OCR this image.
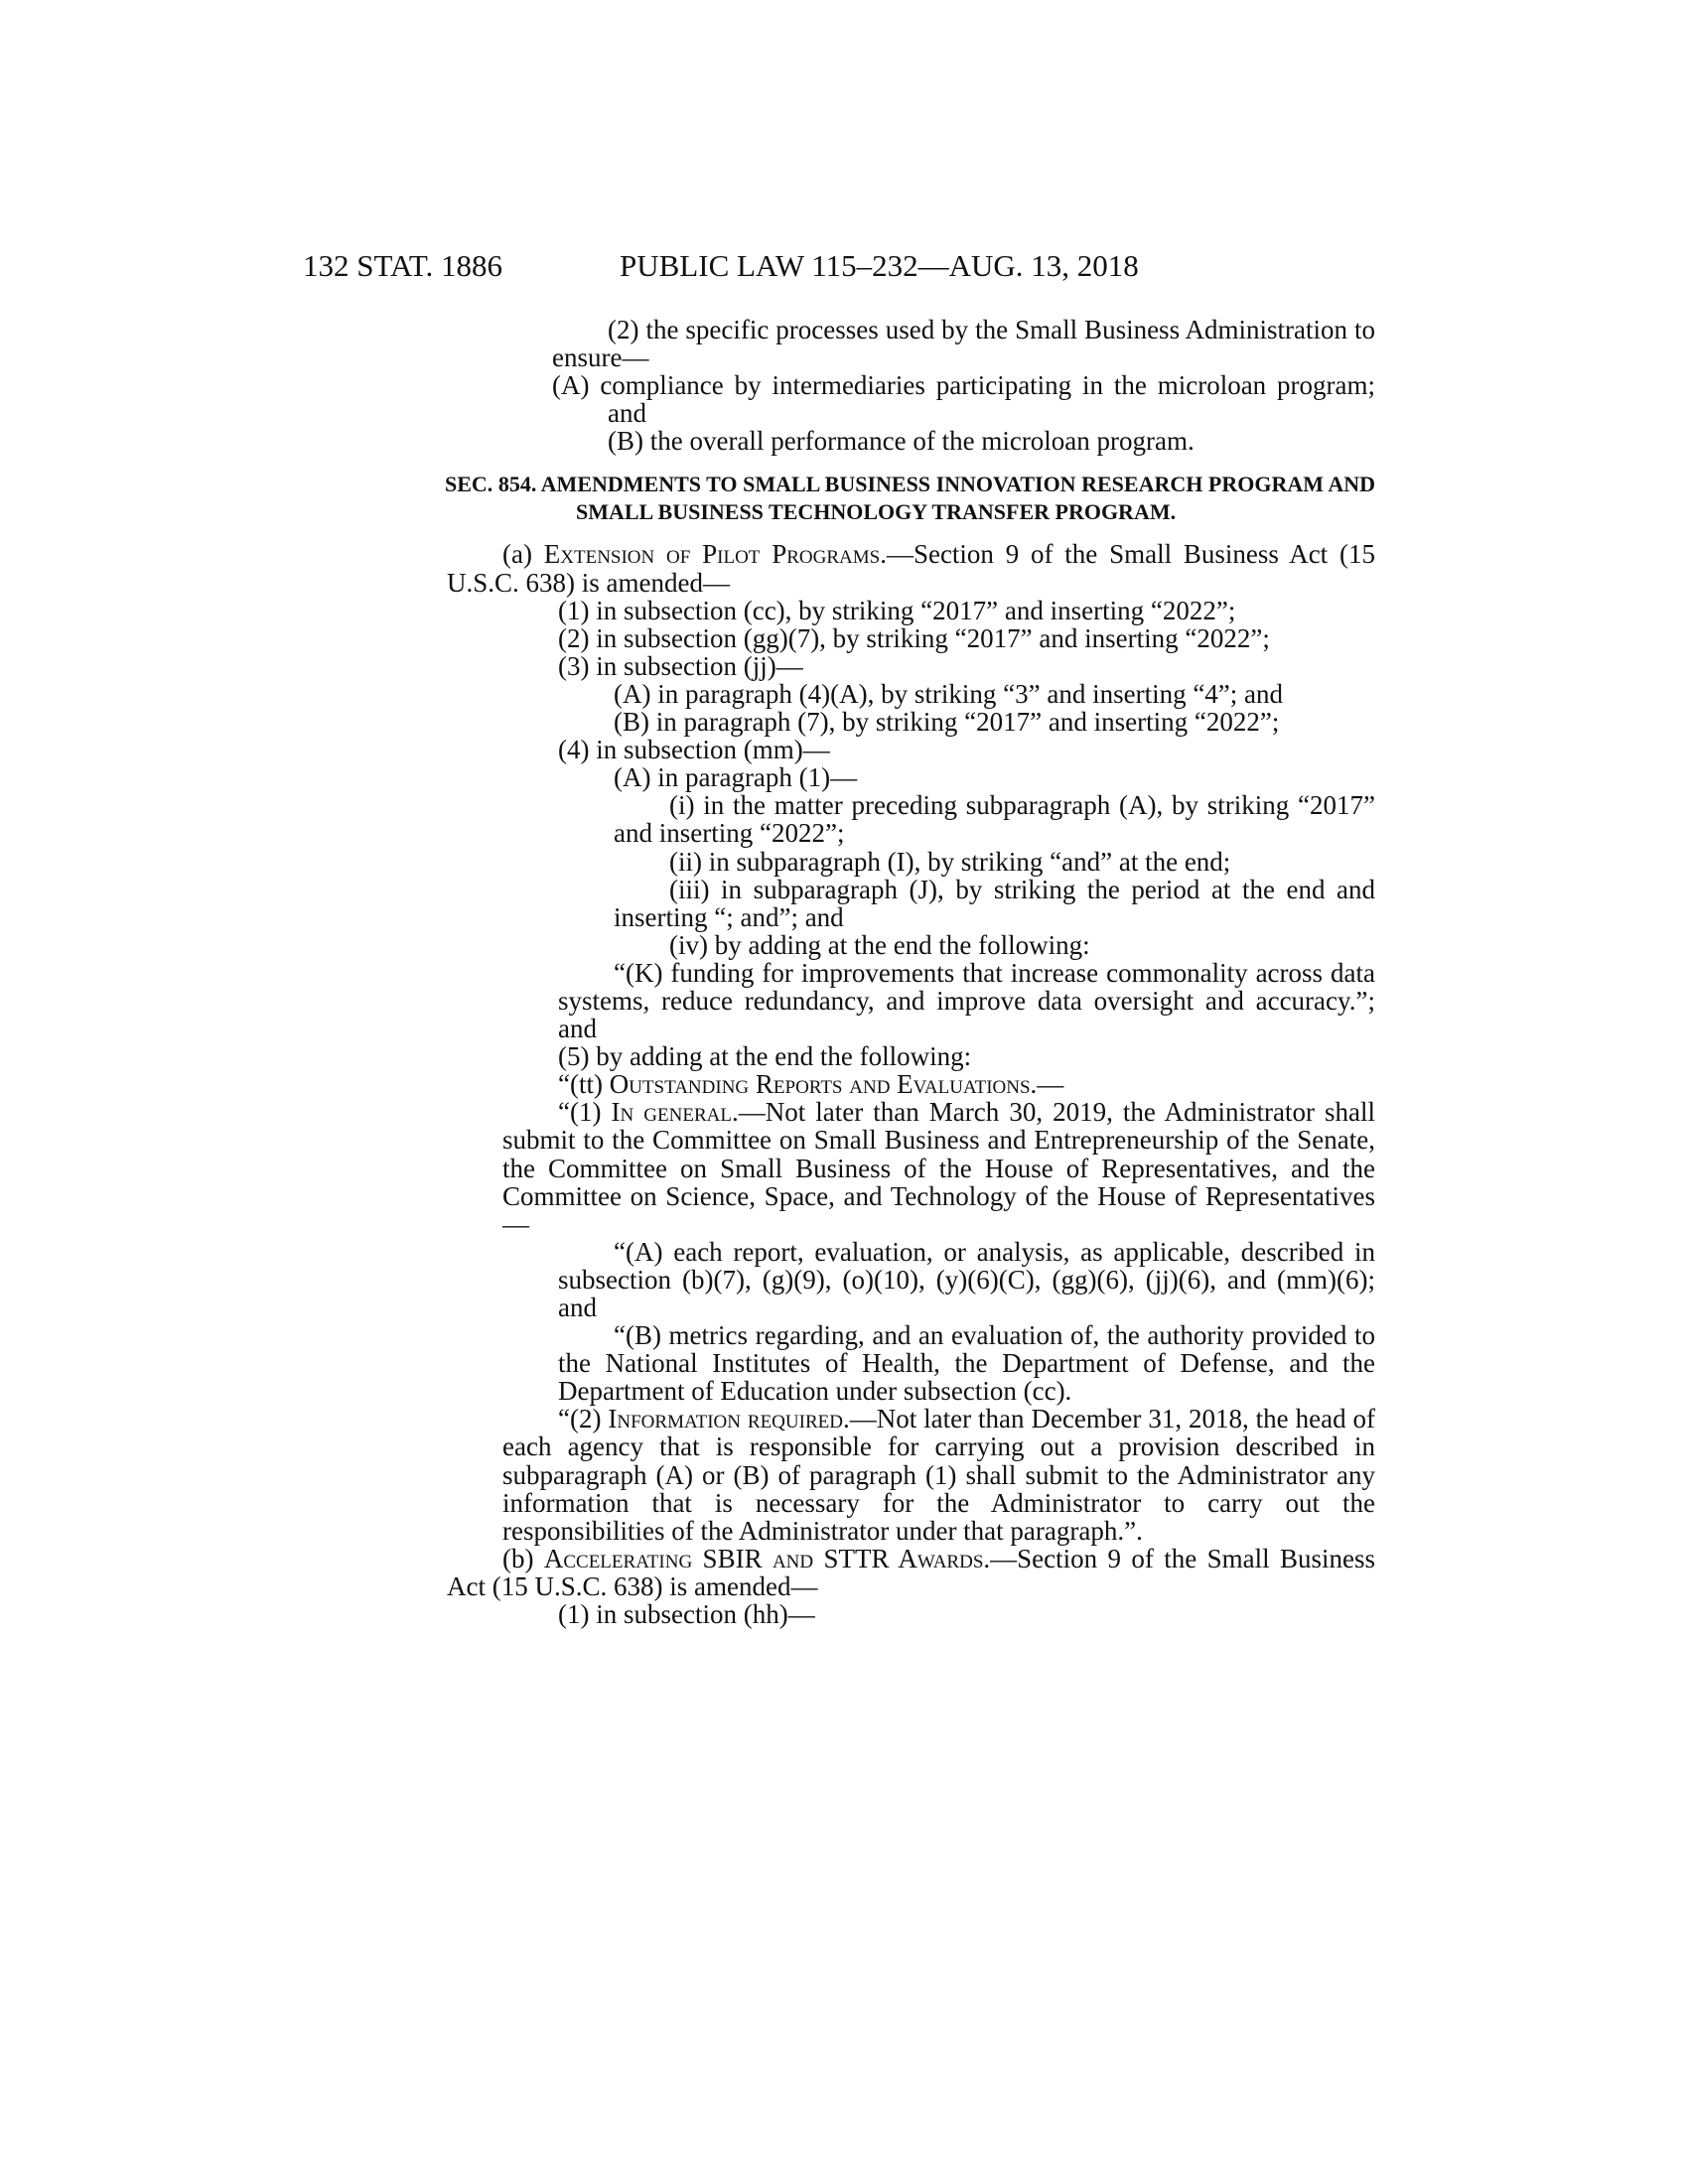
132 STAT. 1886	PUBLIC LAW 115–232—AUG. 13, 2018
(2) the specific processes used by the Small Business Administration to ensure—
(A) compliance by intermediaries participating in the microloan program; and
(B) the overall performance of the microloan program.
SEC. 854. AMENDMENTS TO SMALL BUSINESS INNOVATION RESEARCH PROGRAM AND SMALL BUSINESS TECHNOLOGY TRANSFER PROGRAM.
(a) Extension of Pilot Programs.—Section 9 of the Small Business Act (15 U.S.C. 638) is amended—
(1) in subsection (cc), by striking “2017” and inserting “2022”;
(2) in subsection (gg)(7), by striking “2017” and inserting “2022”;
(3) in subsection (jj)—
(A) in paragraph (4)(A), by striking “3” and inserting “4”; and
(B) in paragraph (7), by striking “2017” and inserting “2022”;
(4) in subsection (mm)—
(A) in paragraph (1)—
(i) in the matter preceding subparagraph (A), by striking “2017” and inserting “2022”;
(ii) in subparagraph (I), by striking “and” at the end;
(iii) in subparagraph (J), by striking the period at the end and inserting “; and”; and
(iv) by adding at the end the following:
“(K) funding for improvements that increase commonality across data systems, reduce redundancy, and improve data oversight and accuracy.”; and
(5) by adding at the end the following:
“(tt) Outstanding Reports and Evaluations.—
“(1) In general.—Not later than March 30, 2019, the Administrator shall submit to the Committee on Small Business and Entrepreneurship of the Senate, the Committee on Small Business of the House of Representatives, and the Committee on Science, Space, and Technology of the House of Representatives—
“(A) each report, evaluation, or analysis, as applicable, described in subsection (b)(7), (g)(9), (o)(10), (y)(6)(C), (gg)(6), (jj)(6), and (mm)(6); and
“(B) metrics regarding, and an evaluation of, the authority provided to the National Institutes of Health, the Department of Defense, and the Department of Education under subsection (cc).
“(2) Information required.—Not later than December 31, 2018, the head of each agency that is responsible for carrying out a provision described in subparagraph (A) or (B) of paragraph (1) shall submit to the Administrator any information that is necessary for the Administrator to carry out the responsibilities of the Administrator under that paragraph.”.
(b) Accelerating SBIR and STTR Awards.—Section 9 of the Small Business Act (15 U.S.C. 638) is amended—
(1) in subsection (hh)—
